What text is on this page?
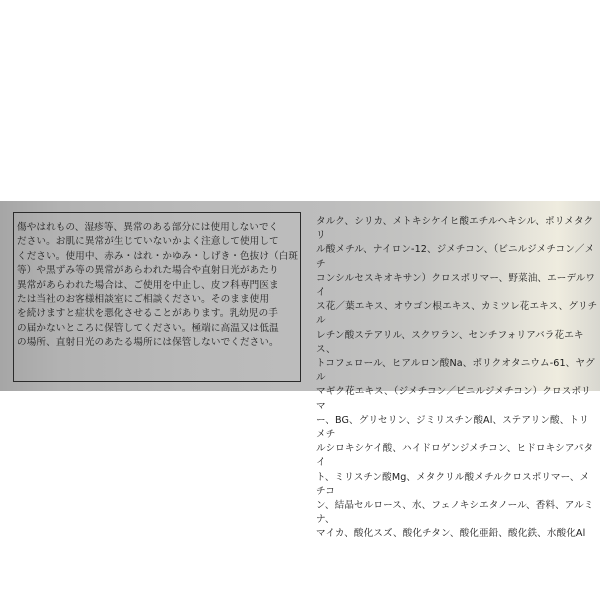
傷やはれもの、湿疹等、異常のある部分には使用しないでく
ださい。お肌に異常が生じていないかよく注意して使用して
ください。使用中、赤み・はれ・かゆみ・しげき・色抜け（白斑
等）や黒ずみ等の異常があらわれた場合や直射日光があたり
異常があらわれた場合は、ご使用を中止し、皮フ科専門医ま
たは当社のお客様相談室にご相談ください。そのまま使用
を続けますと症状を悪化させることがあります。乳幼児の手
の届かないところに保管してください。極端に高温又は低温
の場所、直射日光のあたる場所には保管しないでください。

タルク、シリカ、メトキシケイヒ酸エチルヘキシル、ポリメタクリ
ル酸メチル、ナイロン-12、ジメチコン、（ビニルジメチコン／メチ
コンシルセスキオキサン）クロスポリマー、野菜油、エーデルワイ
ス花／葉エキス、オウゴン根エキス、カミツレ花エキス、グリチル
レチン酸ステアリル、スクワラン、センチフォリアバラ花エキス、
トコフェロール、ヒアルロン酸Na、ポリクオタニウム-61、ヤグル
マギク花エキス、（ジメチコン／ビニルジメチコン）クロスポリマ
ー、BG、グリセリン、ジミリスチン酸Al、ステアリン酸、トリメチ
ルシロキシケイ酸、ハイドロゲンジメチコン、ヒドロキシアパタイ
ト、ミリスチン酸Mg、メタクリル酸メチルクロスポリマー、メチコ
ン、結晶セルロース、水、フェノキシエタノール、香料、アルミナ、
マイカ、酸化スズ、酸化チタン、酸化亜鉛、酸化鉄、水酸化Al
